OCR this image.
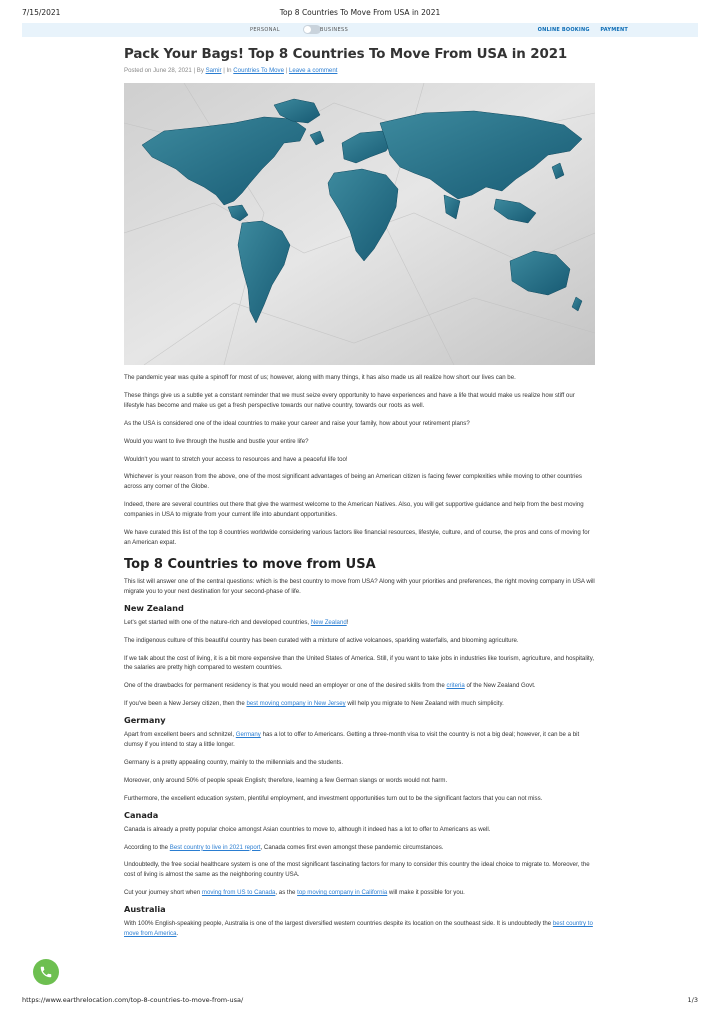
7/15/2021	Top 8 Countries To Move From USA in 2021
PERSONAL	BUSINESS	ONLINE BOOKING PAYMENT
Pack Your Bags! Top 8 Countries To Move From USA in 2021
Posted on June 28, 2021 | By Samir | In Countries To Move | Leave a comment

The pandemic year was quite a spinoff for most of us; however, along with many things, it has also made us all realize how short our lives can be.

These things give us a subtle yet a constant reminder that we must seize every opportunity to have experiences and have a life that would make us realize how stiff our lifestyle has become and make us get a fresh perspective towards our native country, towards our roots as well.

As the USA is considered one of the ideal countries to make your career and raise your family, how about your retirement plans?

Would you want to live through the hustle and bustle your entire life?

Wouldn't you want to stretch your access to resources and have a peaceful life too!

Whichever is your reason from the above, one of the most significant advantages of being an American citizen is facing fewer complexities while moving to other countries across any corner of the Globe.

Indeed, there are several countries out there that give the warmest welcome to the American Natives. Also, you will get supportive guidance and help from the best moving companies in USA to migrate from your current life into abundant opportunities.

We have curated this list of the top 8 countries worldwide considering various factors like financial resources, lifestyle, culture, and of course, the pros and cons of moving for an American expat.

Top 8 Countries to move from USA

This list will answer one of the central questions: which is the best country to move from USA? Along with your priorities and preferences, the right moving company in USA will migrate you to your next destination for your second-phase of life.

New Zealand

Let's get started with one of the nature-rich and developed countries, New Zealand!

The indigenous culture of this beautiful country has been curated with a mixture of active volcanoes, sparkling waterfalls, and blooming agriculture.

If we talk about the cost of living, it is a bit more expensive than the United States of America. Still, if you want to take jobs in industries like tourism, agriculture, and hospitality, the salaries are pretty high compared to western countries.

One of the drawbacks for permanent residency is that you would need an employer or one of the desired skills from the criteria of the New Zealand Govt.

If you've been a New Jersey citizen, then the best moving company in New Jersey will help you migrate to New Zealand with much simplicity.

Germany

Apart from excellent beers and schnitzel, Germany has a lot to offer to Americans. Getting a three-month visa to visit the country is not a big deal; however, it can be a bit clumsy if you intend to stay a little longer.

Germany is a pretty appealing country, mainly to the millennials and the students.

Moreover, only around 50% of people speak English; therefore, learning a few German slangs or words would not harm.

Furthermore, the excellent education system, plentiful employment, and investment opportunities turn out to be the significant factors that you can not miss.

Canada

Canada is already a pretty popular choice amongst Asian countries to move to, although it indeed has a lot to offer to Americans as well.

According to the Best country to live in 2021 report, Canada comes first even amongst these pandemic circumstances.

Undoubtedly, the free social healthcare system is one of the most significant fascinating factors for many to consider this country the ideal choice to migrate to. Moreover, the cost of living is almost the same as the neighboring country USA.

Cut your journey short when moving from US to Canada, as the top moving company in California will make it possible for you.

Australia

With 100% English-speaking people, Australia is one of the largest diversified western countries despite its location on the southeast side. It is undoubtedly the best country to move from America.

https://www.earthrelocation.com/top-8-countries-to-move-from-usa/	1/3
